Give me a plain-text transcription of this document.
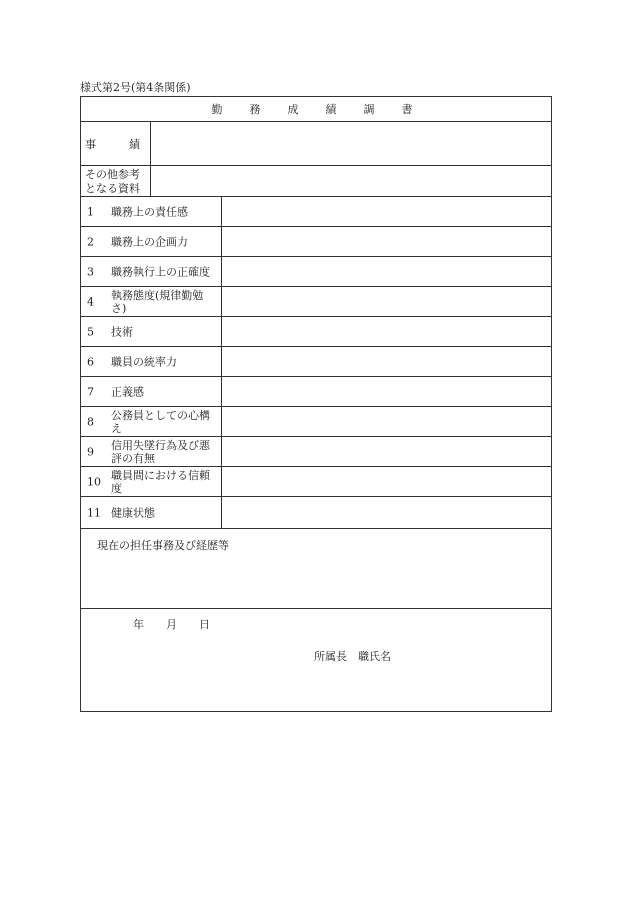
様式第2号(第4条関係)
勤　務　成　績　調　書
事　　　績
その他参考
となる資料
1 職務上の責任感
2 職務上の企画力
3 職務執行上の正確度
4 執務態度(規律勤勉
さ)
5 技術
6 職員の統率力
7 正義感
8 公務員としての心構
え
9 信用失墜行為及び悪
評の有無
10 職員間における信頼
度
11 健康状態
現在の担任事務及び経歴等
年　　月　　日
所属長　職氏名
